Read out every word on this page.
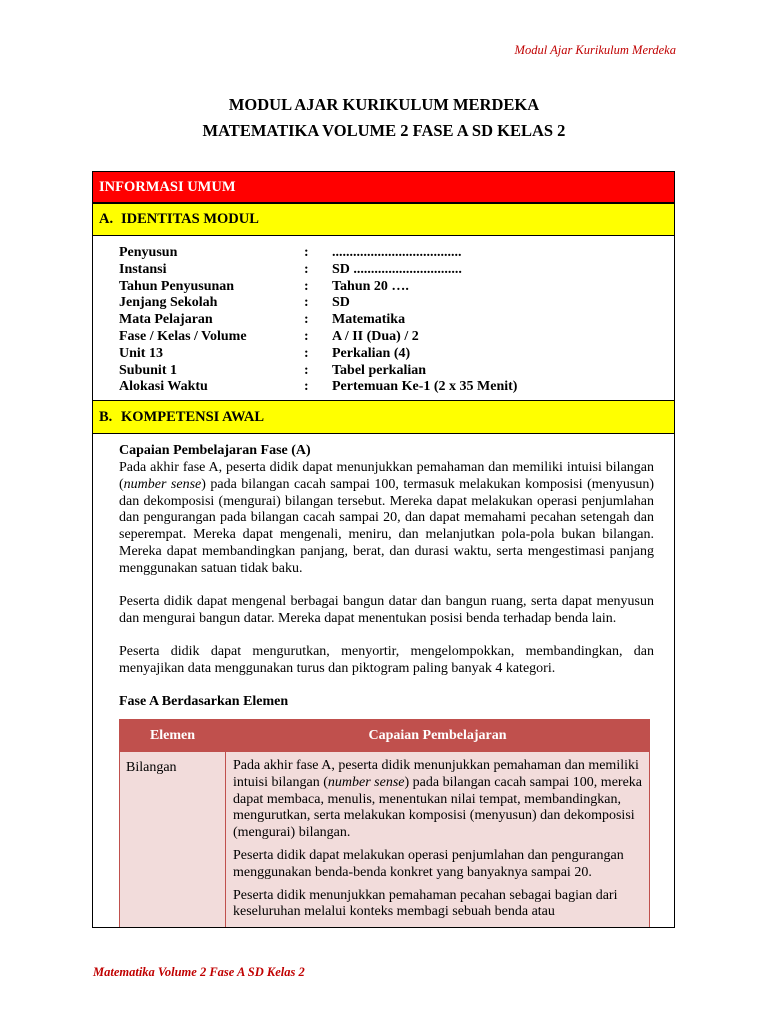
Modul Ajar Kurikulum Merdeka
MODUL AJAR KURIKULUM MERDEKA
MATEMATIKA VOLUME 2 FASE A SD KELAS 2
INFORMASI UMUM
A. IDENTITAS MODUL
Penyusun	:	.....................................
Instansi	:	SD ...............................
Tahun Penyusunan	:	Tahun 20 ….
Jenjang Sekolah	:	SD
Mata Pelajaran	:	Matematika
Fase / Kelas / Volume	:	A / II (Dua) / 2
Unit 13	:	Perkalian (4)
Subunit 1	:	Tabel perkalian
Alokasi Waktu	:	Pertemuan Ke-1 (2 x 35 Menit)
B. KOMPETENSI AWAL
Capaian Pembelajaran Fase (A)
Pada akhir fase A, peserta didik dapat menunjukkan pemahaman dan memiliki intuisi bilangan (number sense) pada bilangan cacah sampai 100, termasuk melakukan komposisi (menyusun) dan dekomposisi (mengurai) bilangan tersebut. Mereka dapat melakukan operasi penjumlahan dan pengurangan pada bilangan cacah sampai 20, dan dapat memahami pecahan setengah dan seperempat. Mereka dapat mengenali, meniru, dan melanjutkan pola-pola bukan bilangan. Mereka dapat membandingkan panjang, berat, dan durasi waktu, serta mengestimasi panjang menggunakan satuan tidak baku.
Peserta didik dapat mengenal berbagai bangun datar dan bangun ruang, serta dapat menyusun dan mengurai bangun datar. Mereka dapat menentukan posisi benda terhadap benda lain.
Peserta didik dapat mengurutkan, menyortir, mengelompokkan, membandingkan, dan menyajikan data menggunakan turus dan piktogram paling banyak 4 kategori.
Fase A Berdasarkan Elemen
Elemen	Capaian Pembelajaran
Bilangan	Pada akhir fase A, peserta didik menunjukkan pemahaman dan memiliki intuisi bilangan (number sense) pada bilangan cacah sampai 100, mereka dapat membaca, menulis, menentukan nilai tempat, membandingkan, mengurutkan, serta melakukan komposisi (menyusun) dan dekomposisi (mengurai) bilangan.

Peserta didik dapat melakukan operasi penjumlahan dan pengurangan menggunakan benda-benda konkret yang banyaknya sampai 20.

Peserta didik menunjukkan pemahaman pecahan sebagai bagian dari keseluruhan melalui konteks membagi sebuah benda atau

Matematika Volume 2 Fase A SD Kelas 2
